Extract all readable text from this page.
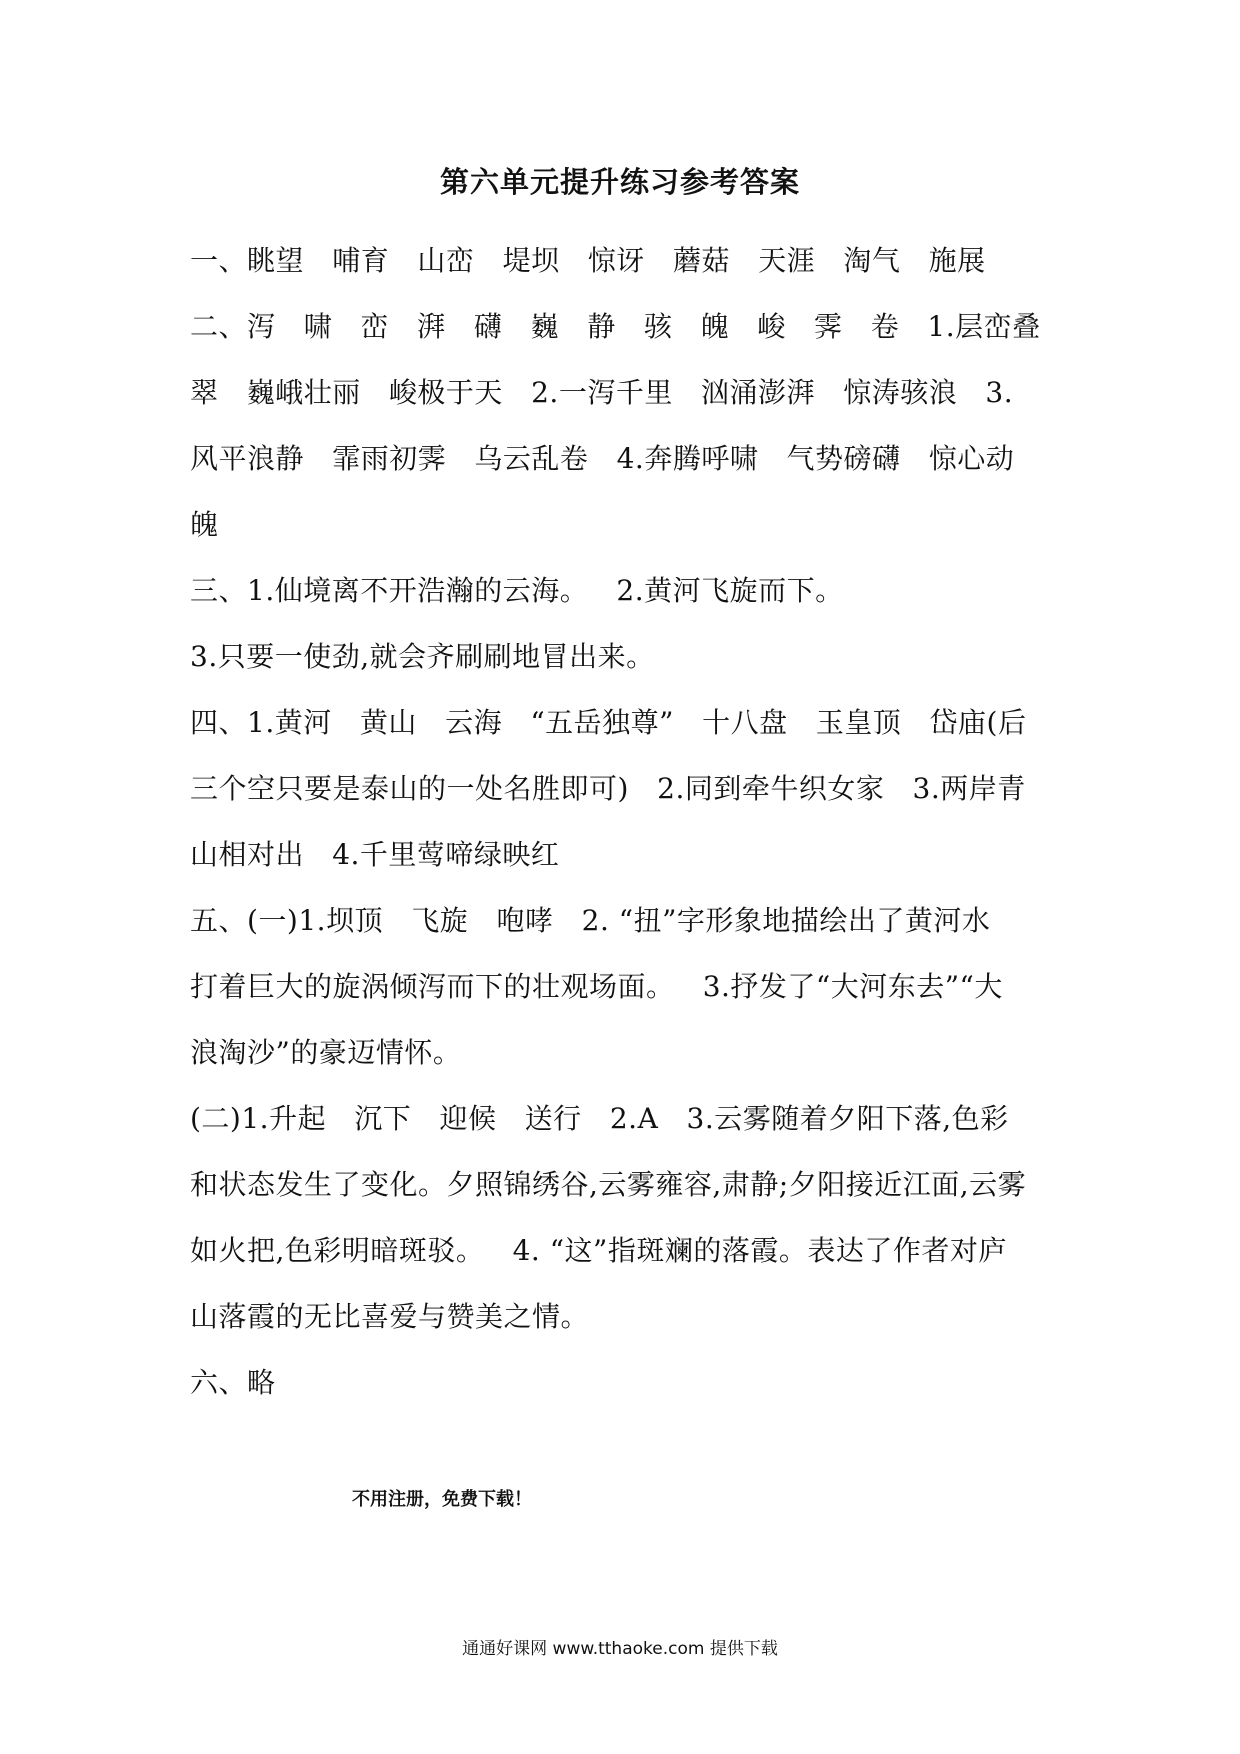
第六单元提升练习参考答案
一、眺望   哺育   山峦   堤坝   惊讶   蘑菇   天涯   淘气   施展
二、泻   啸   峦   湃   礴   巍   静   骇   魄   峻   霁   卷   1.层峦叠
翠   巍峨壮丽   峻极于天   2.一泻千里   汹涌澎湃   惊涛骇浪   3.
风平浪静   霏雨初霁   乌云乱卷   4.奔腾呼啸   气势磅礴   惊心动
魄
三、1.仙境离不开浩瀚的云海。   2.黄河飞旋而下。
3.只要一使劲,就会齐刷刷地冒出来。
四、1.黄河   黄山   云海   “五岳独尊”   十八盘   玉皇顶   岱庙(后
三个空只要是泰山的一处名胜即可)   2.同到牵牛织女家   3.两岸青
山相对出   4.千里莺啼绿映红
五、(一)1.坝顶   飞旋   咆哮   2. “扭”字形象地描绘出了黄河水
打着巨大的旋涡倾泻而下的壮观场面。   3.抒发了“大河东去”“大
浪淘沙”的豪迈情怀。
(二)1.升起   沉下   迎候   送行   2.A   3.云雾随着夕阳下落,色彩
和状态发生了变化。夕照锦绣谷,云雾雍容,肃静;夕阳接近江面,云雾
如火把,色彩明暗斑驳。   4. “这”指斑斓的落霞。表达了作者对庐
山落霞的无比喜爱与赞美之情。
六、略
不用注册，免费下载！
通通好课网 www.tthaoke.com 提供下载
